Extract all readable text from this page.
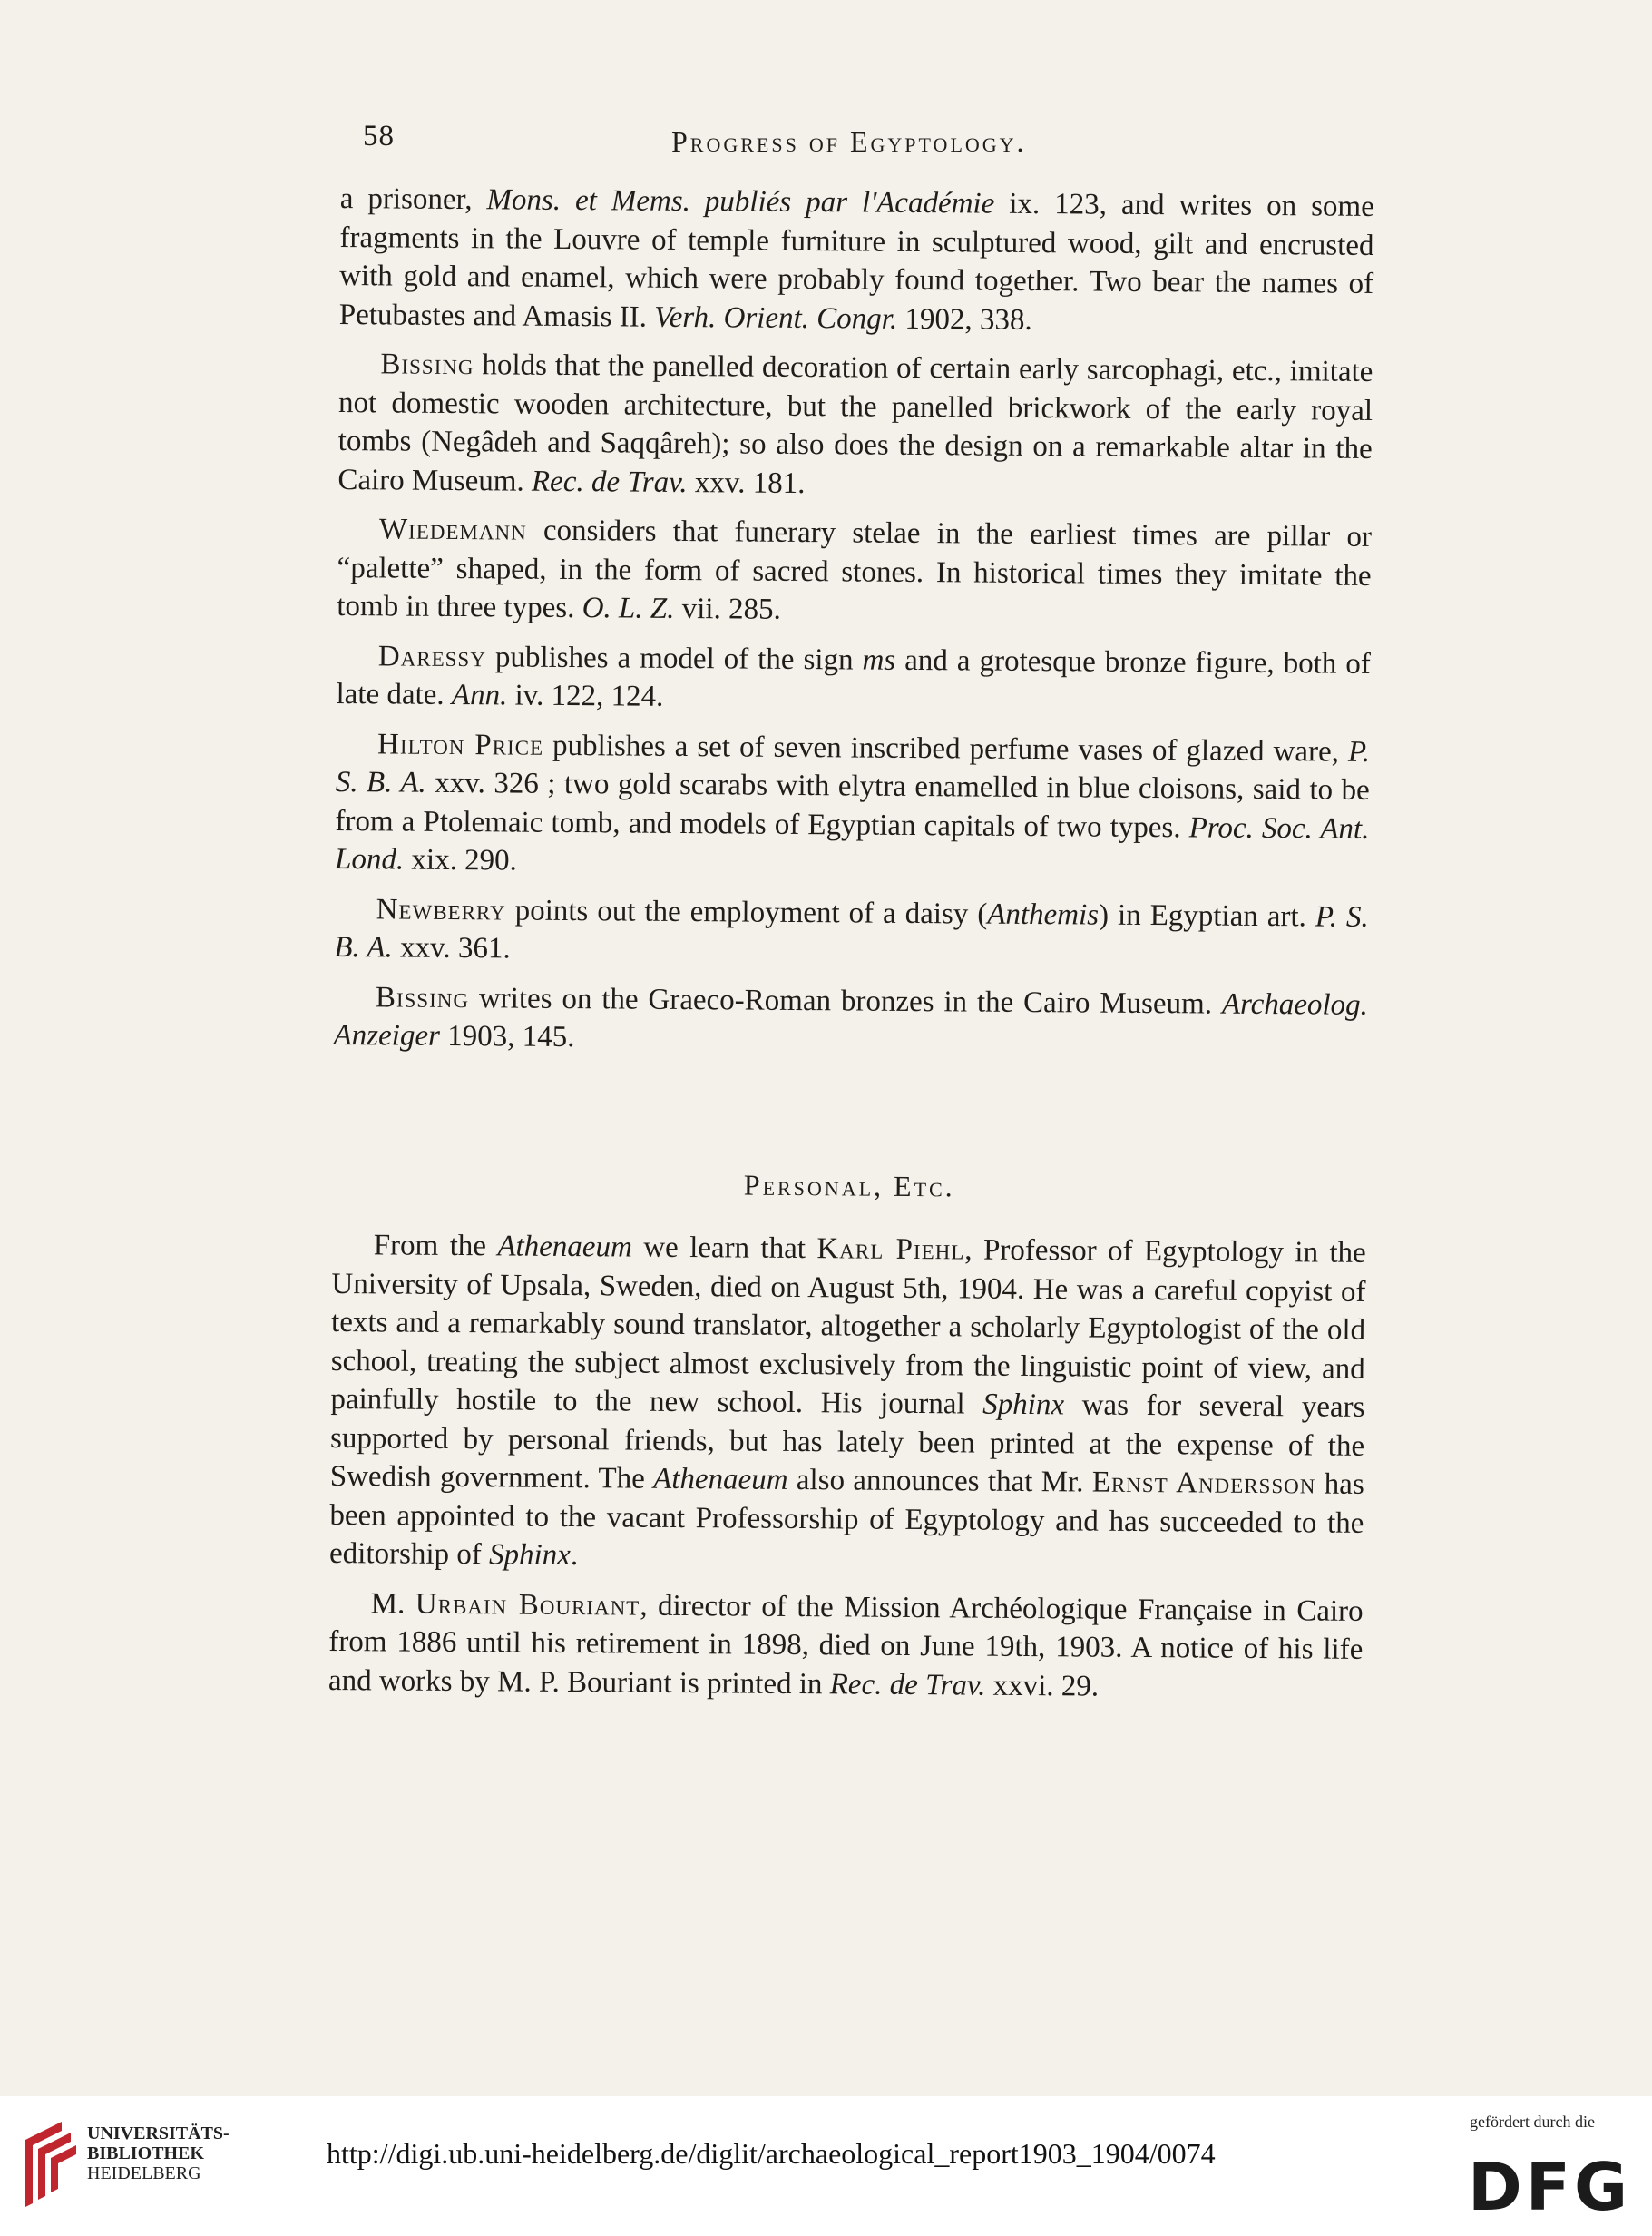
58	Progress of Egyptology.

a prisoner, Mons. et Mems. publiés par l'Académie ix. 123, and writes on some fragments in the Louvre of temple furniture in sculptured wood, gilt and encrusted with gold and enamel, which were probably found together. Two bear the names of Petubastes and Amasis II. Verh. Orient. Congr. 1902, 338.

Bissing holds that the panelled decoration of certain early sarcophagi, etc., imitate not domestic wooden architecture, but the panelled brickwork of the early royal tombs (Negâdeh and Saqqâreh); so also does the design on a remarkable altar in the Cairo Museum. Rec. de Trav. xxv. 181.

Wiedemann considers that funerary stelae in the earliest times are pillar or “palette” shaped, in the form of sacred stones. In historical times they imitate the tomb in three types. O. L. Z. vii. 285.

Daressy publishes a model of the sign ms and a grotesque bronze figure, both of late date. Ann. iv. 122, 124.

Hilton Price publishes a set of seven inscribed perfume vases of glazed ware, P. S. B. A. xxv. 326 ; two gold scarabs with elytra enamelled in blue cloisons, said to be from a Ptolemaic tomb, and models of Egyptian capitals of two types. Proc. Soc. Ant. Lond. xix. 290.

Newberry points out the employment of a daisy (Anthemis) in Egyptian art. P. S. B. A. xxv. 361.

Bissing writes on the Graeco-Roman bronzes in the Cairo Museum. Archaeolog. Anzeiger 1903, 145.

Personal, Etc.

From the Athenaeum we learn that Karl Piehl, Professor of Egyptology in the University of Upsala, Sweden, died on August 5th, 1904. He was a careful copyist of texts and a remarkably sound translator, altogether a scholarly Egyptologist of the old school, treating the subject almost exclusively from the linguistic point of view, and painfully hostile to the new school. His journal Sphinx was for several years supported by personal friends, but has lately been printed at the expense of the Swedish government. The Athenaeum also announces that Mr. Ernst Andersson has been appointed to the vacant Professorship of Egyptology and has succeeded to the editorship of Sphinx.

M. Urbain Bouriant, director of the Mission Archéologique Française in Cairo from 1886 until his retirement in 1898, died on June 19th, 1903. A notice of his life and works by M. P. Bouriant is printed in Rec. de Trav. xxvi. 29.

UNIVERSITÄTS-
BIBLIOTHEK
HEIDELBERG
http://digi.ub.uni-heidelberg.de/diglit/archaeological_report1903_1904/0074
gefördert durch die
DFG
